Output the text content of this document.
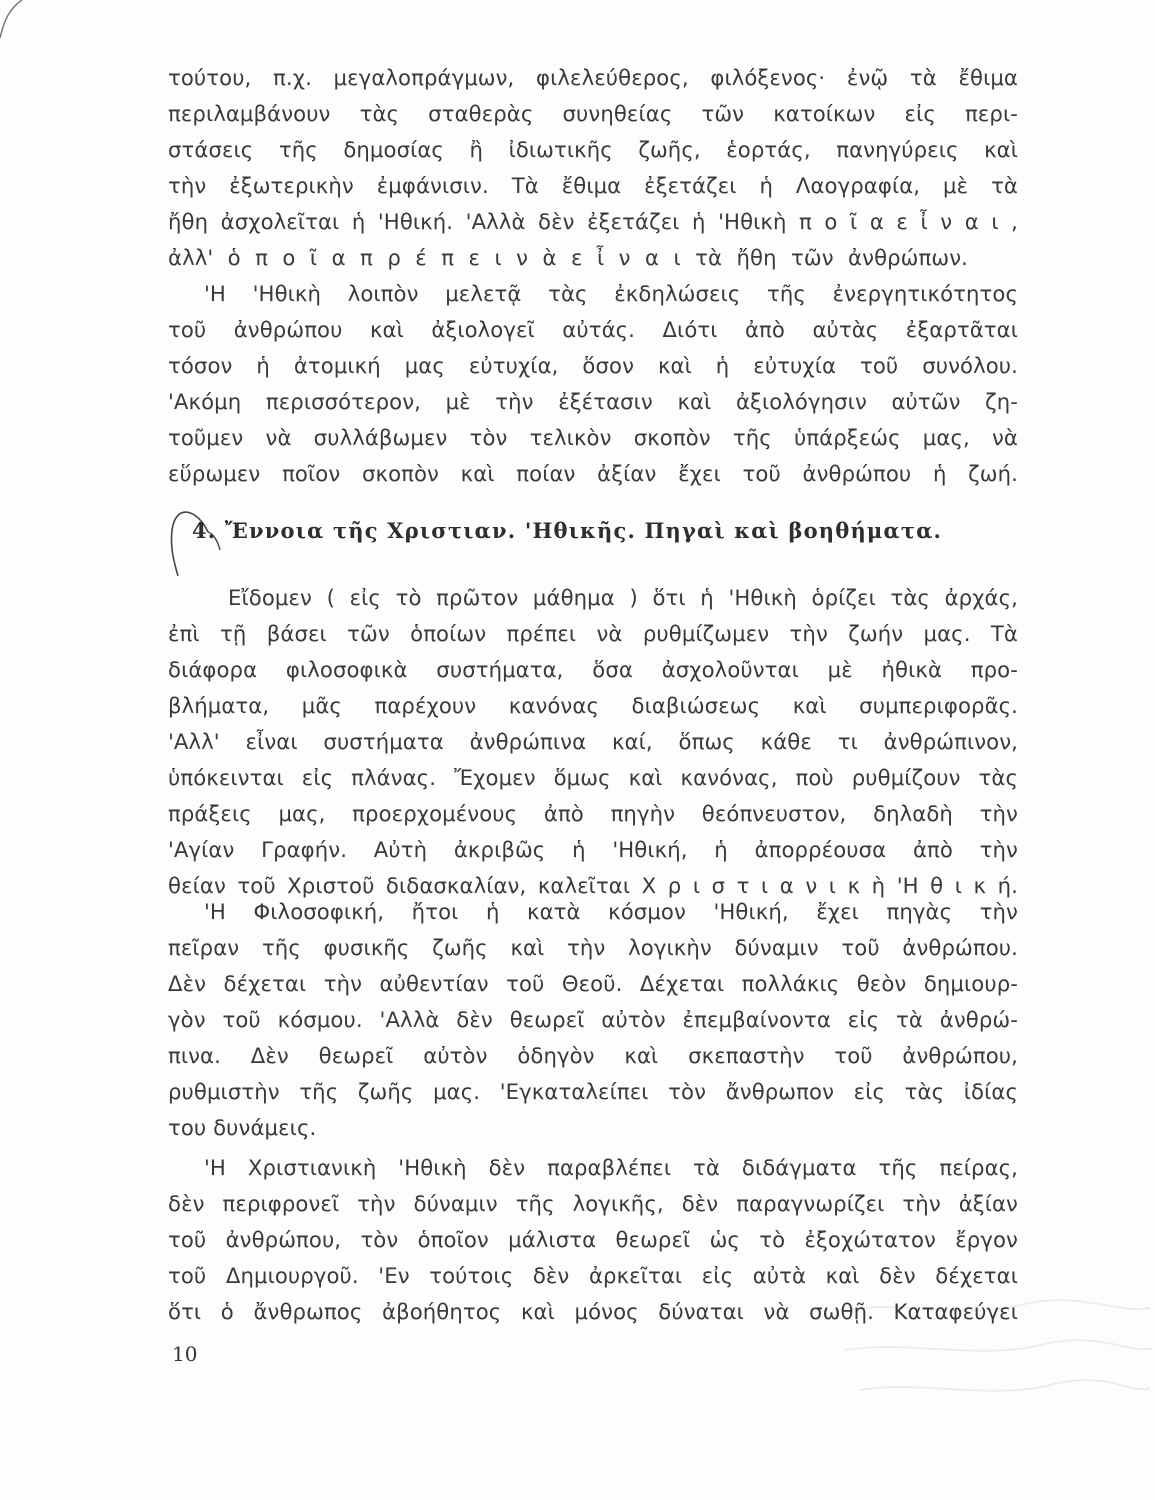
τούτου, π.χ. μεγαλοπράγμων, φιλελεύθερος, φιλόξενος· ἐνῷ τὰ ἔθιμα
περιλαμβάνουν τὰς σταθερὰς συνηθείας τῶν κατοίκων εἰς περι-
στάσεις τῆς δημοσίας ἢ ἰδιωτικῆς ζωῆς, ἑορτάς, πανηγύρεις καὶ
τὴν ἐξωτερικὴν ἐμφάνισιν. Τὰ ἔθιμα ἐξετάζει ἡ Λαογραφία, μὲ τὰ
ἤθη ἀσχολεῖται ἡ 'Ηθική. 'Αλλὰ δὲν ἐξετάζει ἡ 'Ηθικὴ π ο ῖ α ε ἶ ν α ι ,
ἀλλ' ὁ π ο ῖ α π ρ έ π ε ι ν ὰ ε ἶ ν α ι τὰ ἤθη τῶν ἀνθρώπων.
'Η 'Ηθικὴ λοιπὸν μελετᾷ τὰς ἐκδηλώσεις τῆς ἐνεργητικότητος
τοῦ ἀνθρώπου καὶ ἀξιολογεῖ αὐτάς. Διότι ἀπὸ αὐτὰς ἐξαρτᾶται
τόσον ἡ ἀτομική μας εὐτυχία, ὅσον καὶ ἡ εὐτυχία τοῦ συνόλου.
'Ακόμη περισσότερον, μὲ τὴν ἐξέτασιν καὶ ἀξιολόγησιν αὐτῶν ζη-
τοῦμεν νὰ συλλάβωμεν τὸν τελικὸν σκοπὸν τῆς ὑπάρξεώς μας, νὰ
εὕρωμεν ποῖον σκοπὸν καὶ ποίαν ἀξίαν ἔχει τοῦ ἀνθρώπου ἡ ζωή.
4. Ἔννοια τῆς Χριστιαν. 'Ηθικῆς. Πηγαὶ καὶ βοηθήματα.
Εἴδομεν ( εἰς τὸ πρῶτον μάθημα ) ὅτι ἡ 'Ηθικὴ ὁρίζει τὰς ἀρχάς,
ἐπὶ τῇ βάσει τῶν ὁποίων πρέπει νὰ ρυθμίζωμεν τὴν ζωήν μας. Τὰ
διάφορα φιλοσοφικὰ συστήματα, ὅσα ἀσχολοῦνται μὲ ἠθικὰ προ-
βλήματα, μᾶς παρέχουν κανόνας διαβιώσεως καὶ συμπεριφορᾶς.
'Αλλ' εἶναι συστήματα ἀνθρώπινα καί, ὅπως κάθε τι ἀνθρώπινον,
ὑπόκεινται εἰς πλάνας. Ἔχομεν ὅμως καὶ κανόνας, ποὺ ρυθμίζουν τὰς
πράξεις μας, προερχομένους ἀπὸ πηγὴν θεόπνευστον, δηλαδὴ τὴν
'Αγίαν Γραφήν. Αὐτὴ ἀκριβῶς ἡ 'Ηθική, ἡ ἀπορρέουσα ἀπὸ τὴν
θείαν τοῦ Χριστοῦ διδασκαλίαν, καλεῖται Χ ρ ι σ τ ι α ν ι κ ὴ 'Η θ ι κ ή.
'Η Φιλοσοφική, ἤτοι ἡ κατὰ κόσμον 'Ηθική, ἔχει πηγὰς τὴν
πεῖραν τῆς φυσικῆς ζωῆς καὶ τὴν λογικὴν δύναμιν τοῦ ἀνθρώπου.
Δὲν δέχεται τὴν αὐθεντίαν τοῦ Θεοῦ. Δέχεται πολλάκις θεὸν δημιουρ-
γὸν τοῦ κόσμου. 'Αλλὰ δὲν θεωρεῖ αὐτὸν ἐπεμβαίνοντα εἰς τὰ ἀνθρώ-
πινα. Δὲν θεωρεῖ αὐτὸν ὁδηγὸν καὶ σκεπαστὴν τοῦ ἀνθρώπου,
ρυθμιστὴν τῆς ζωῆς μας. 'Εγκαταλείπει τὸν ἄνθρωπον εἰς τὰς ἰδίας
του δυνάμεις.
'Η Χριστιανικὴ 'Ηθικὴ δὲν παραβλέπει τὰ διδάγματα τῆς πείρας,
δὲν περιφρονεῖ τὴν δύναμιν τῆς λογικῆς, δὲν παραγνωρίζει τὴν ἀξίαν
τοῦ ἀνθρώπου, τὸν ὁποῖον μάλιστα θεωρεῖ ὡς τὸ ἐξοχώτατον ἔργον
τοῦ Δημιουργοῦ. 'Εν τούτοις δὲν ἀρκεῖται εἰς αὐτὰ καὶ δὲν δέχεται
ὅτι ὁ ἄνθρωπος ἀβοήθητος καὶ μόνος δύναται νὰ σωθῇ. Καταφεύγει
10
